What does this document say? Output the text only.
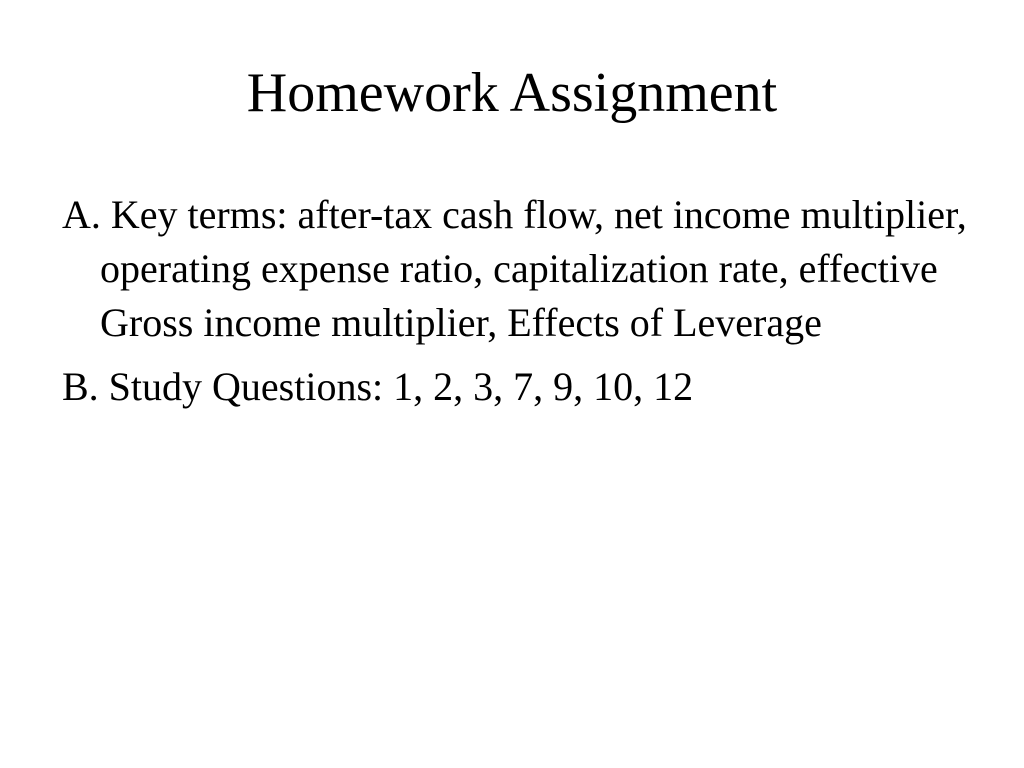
Homework Assignment
A. Key terms: after-tax cash flow, net income multiplier, operating expense ratio, capitalization rate, effective Gross income multiplier, Effects of Leverage
B. Study Questions: 1, 2, 3, 7, 9, 10, 12
